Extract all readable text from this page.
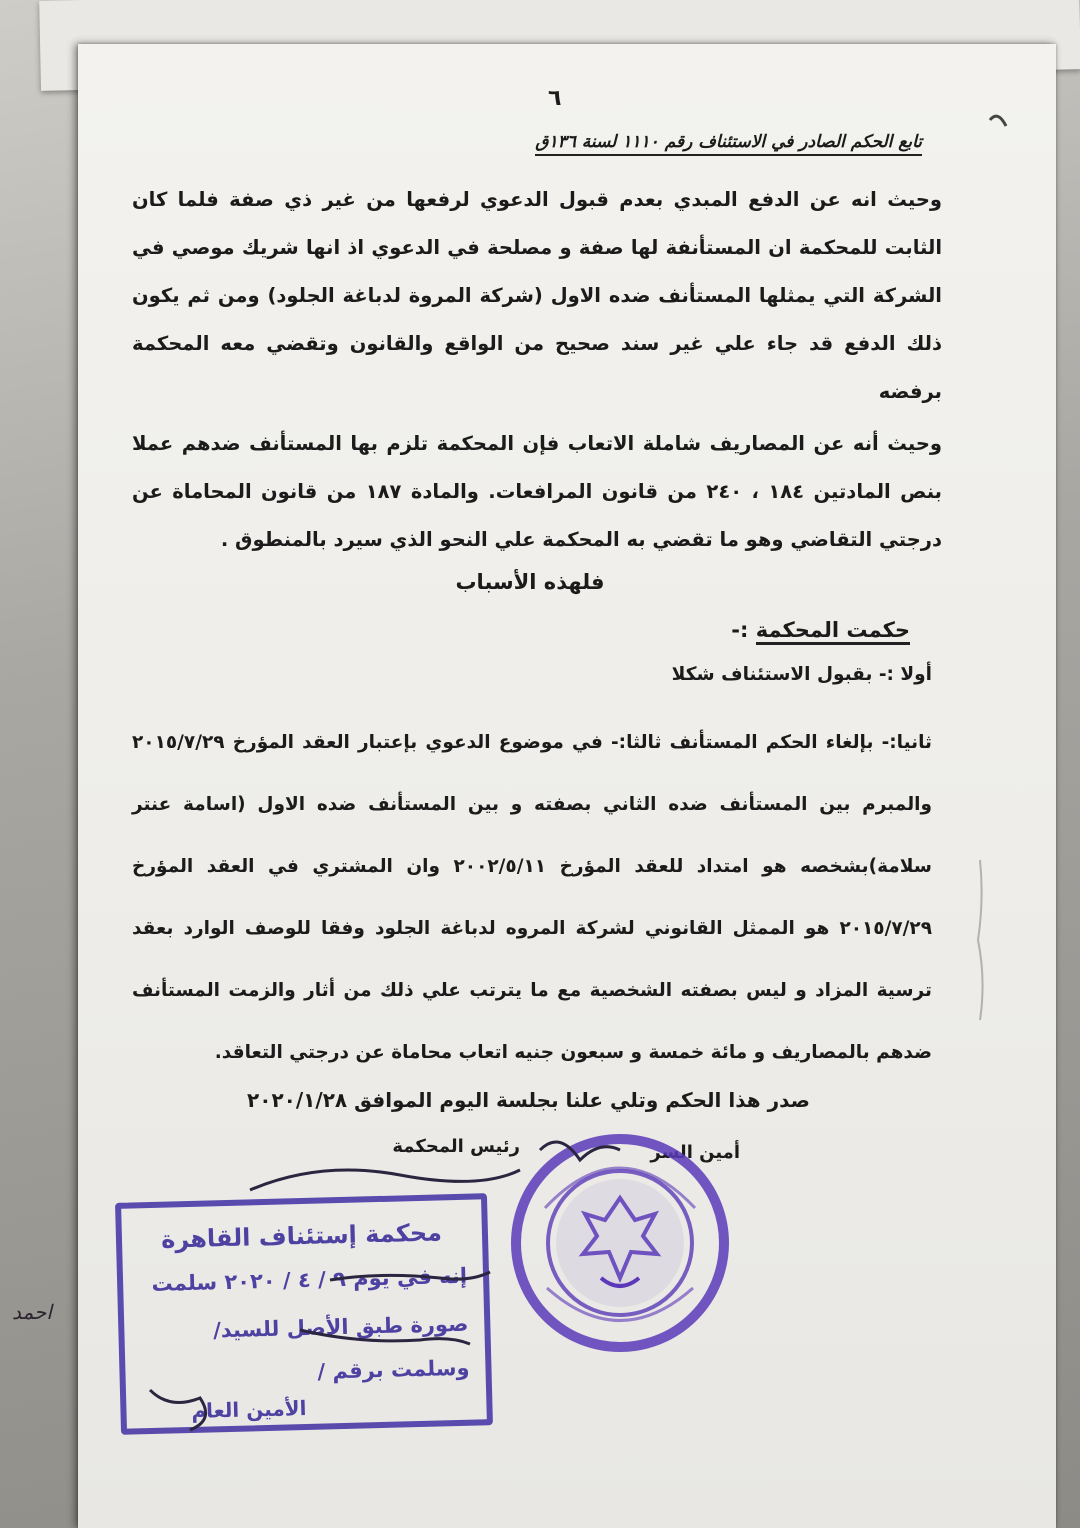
٦
تابع الحكم الصادر في الاستئناف رقم ١١١٠ لسنة ١٣٦ق
وحيث انه عن الدفع المبدي بعدم قبول الدعوي لرفعها من غير ذي صفة فلما كان الثابت للمحكمة ان المستأنفة لها صفة و مصلحة في الدعوي اذ انها شريك موصي في الشركة التي يمثلها المستأنف ضده الاول (شركة المروة لدباغة الجلود) ومن ثم يكون ذلك الدفع قد جاء علي غير سند صحيح من الواقع والقانون وتقضي معه المحكمة برفضه
وحيث أنه عن المصاريف شاملة الاتعاب فإن المحكمة تلزم بها المستأنف ضدهم عملا بنص المادتين ١٨٤ ، ٢٤٠ من قانون المرافعات. والمادة ١٨٧ من قانون المحاماة عن درجتي التقاضي وهو ما تقضي به المحكمة علي النحو الذي سيرد بالمنطوق .
فلهذه الأسباب
حكمت المحكمة :-
أولا :- بقبول الاستئناف شكلا
ثانيا:- بإلغاء الحكم المستأنف ثالثا:- في موضوع الدعوي بإعتبار العقد المؤرخ ٢٠١٥/٧/٢٩ والمبرم بين المستأنف ضده الثاني بصفته و بين المستأنف ضده الاول (اسامة عنتر سلامة)بشخصه هو امتداد للعقد المؤرخ ٢٠٠٢/٥/١١ وان المشتري في العقد المؤرخ ٢٠١٥/٧/٢٩ هو الممثل القانوني لشركة المروه لدباغة الجلود وفقا للوصف الوارد بعقد ترسية المزاد و ليس بصفته الشخصية مع ما يترتب علي ذلك من أثار والزمت المستأنف ضدهم بالمصاريف و مائة خمسة و سبعون جنيه اتعاب محاماة عن درجتي التعاقد.
صدر هذا الحكم وتلي علنا بجلسة اليوم الموافق ٢٠٢٠/١/٢٨
أمين السر
رئيس المحكمة
محكمة إستئناف القاهرة
إنه في يوم ٩ / ٤ / ٢٠٢٠ سلمت
صورة طبق الأصل للسيد/
وسلمت برقم /
الأمين العام
احمد
